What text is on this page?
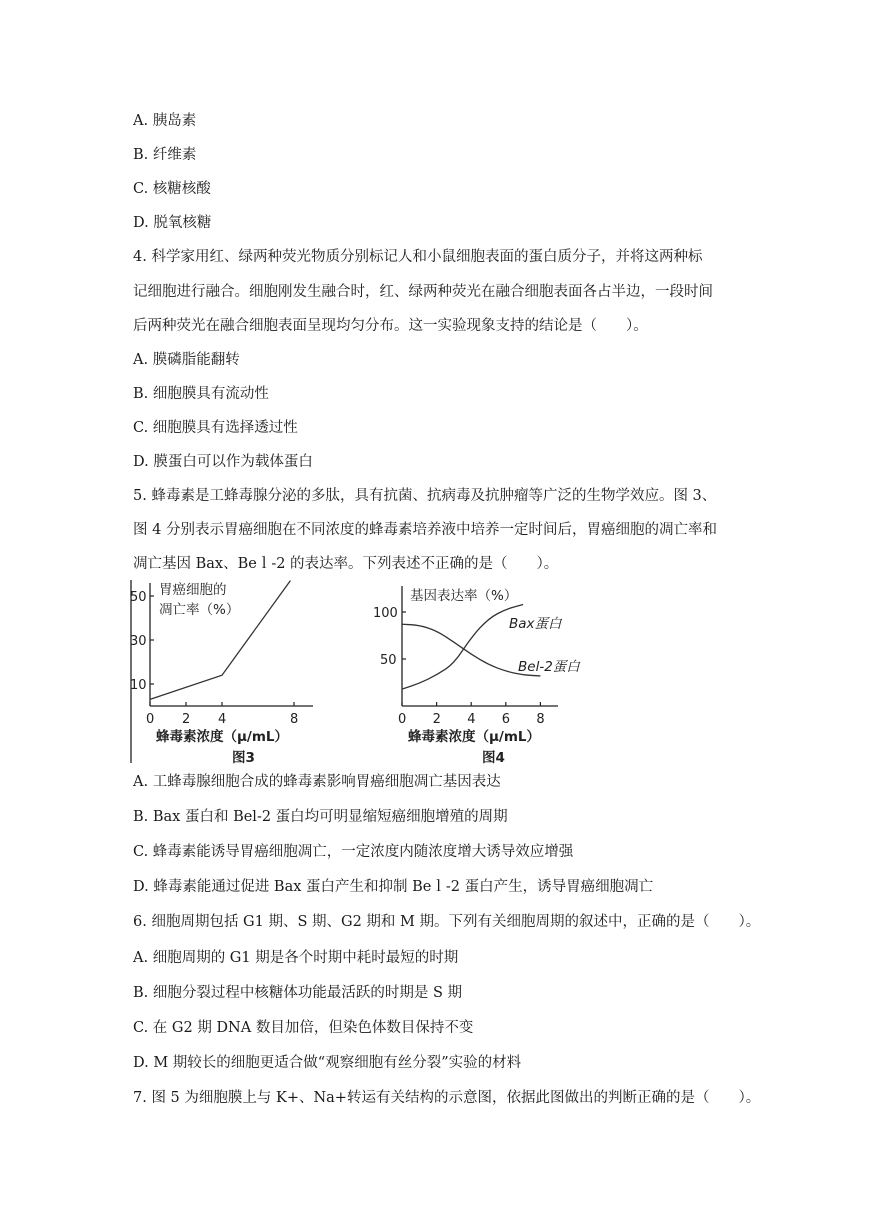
A. 胰岛素
B. 纤维素
C. 核糖核酸
D. 脱氧核糖
4. 科学家用红、绿两种荧光物质分别标记人和小鼠细胞表面的蛋白质分子，并将这两种标
记细胞进行融合。细胞刚发生融合时，红、绿两种荧光在融合细胞表面各占半边，一段时间
后两种荧光在融合细胞表面呈现均匀分布。这一实验现象支持的结论是（　　）。
A. 膜磷脂能翻转
B. 细胞膜具有流动性
C. 细胞膜具有选择透过性
D. 膜蛋白可以作为载体蛋白
5. 蜂毒素是工蜂毒腺分泌的多肽，具有抗菌、抗病毒及抗肿瘤等广泛的生物学效应。图 3、
图 4 分别表示胃癌细胞在不同浓度的蜂毒素培养液中培养一定时间后，胃癌细胞的凋亡率和
凋亡基因 Bax、Beｌ-2 的表达率。下列表述不正确的是（　　）。
胃癌细胞的
凋亡率（%）
10
30
50
0 2 4	8
蜂毒素浓度（μ/mL）
图3
基因表达率（%）
100
50
0 2 4 6 8
Bax蛋白
Bel-2蛋白
蜂毒素浓度（μ/mL）
图4
A. 工蜂毒腺细胞合成的蜂毒素影响胃癌细胞凋亡基因表达
B. Bax 蛋白和 Bel-2 蛋白均可明显缩短癌细胞增殖的周期
C. 蜂毒素能诱导胃癌细胞凋亡，一定浓度内随浓度增大诱导效应增强
D. 蜂毒素能通过促进 Bax 蛋白产生和抑制 Beｌ-2 蛋白产生，诱导胃癌细胞凋亡
6. 细胞周期包括 G1 期、S 期、G2 期和 M 期。下列有关细胞周期的叙述中，正确的是（　　）。
A. 细胞周期的 G1 期是各个时期中耗时最短的时期
B. 细胞分裂过程中核糖体功能最活跃的时期是 S 期
C. 在 G2 期 DNA 数目加倍，但染色体数目保持不变
D. M 期较长的细胞更适合做“观察细胞有丝分裂”实验的材料
7. 图 5 为细胞膜上与 K+、Na+转运有关结构的示意图，依据此图做出的判断正确的是（　　）。
